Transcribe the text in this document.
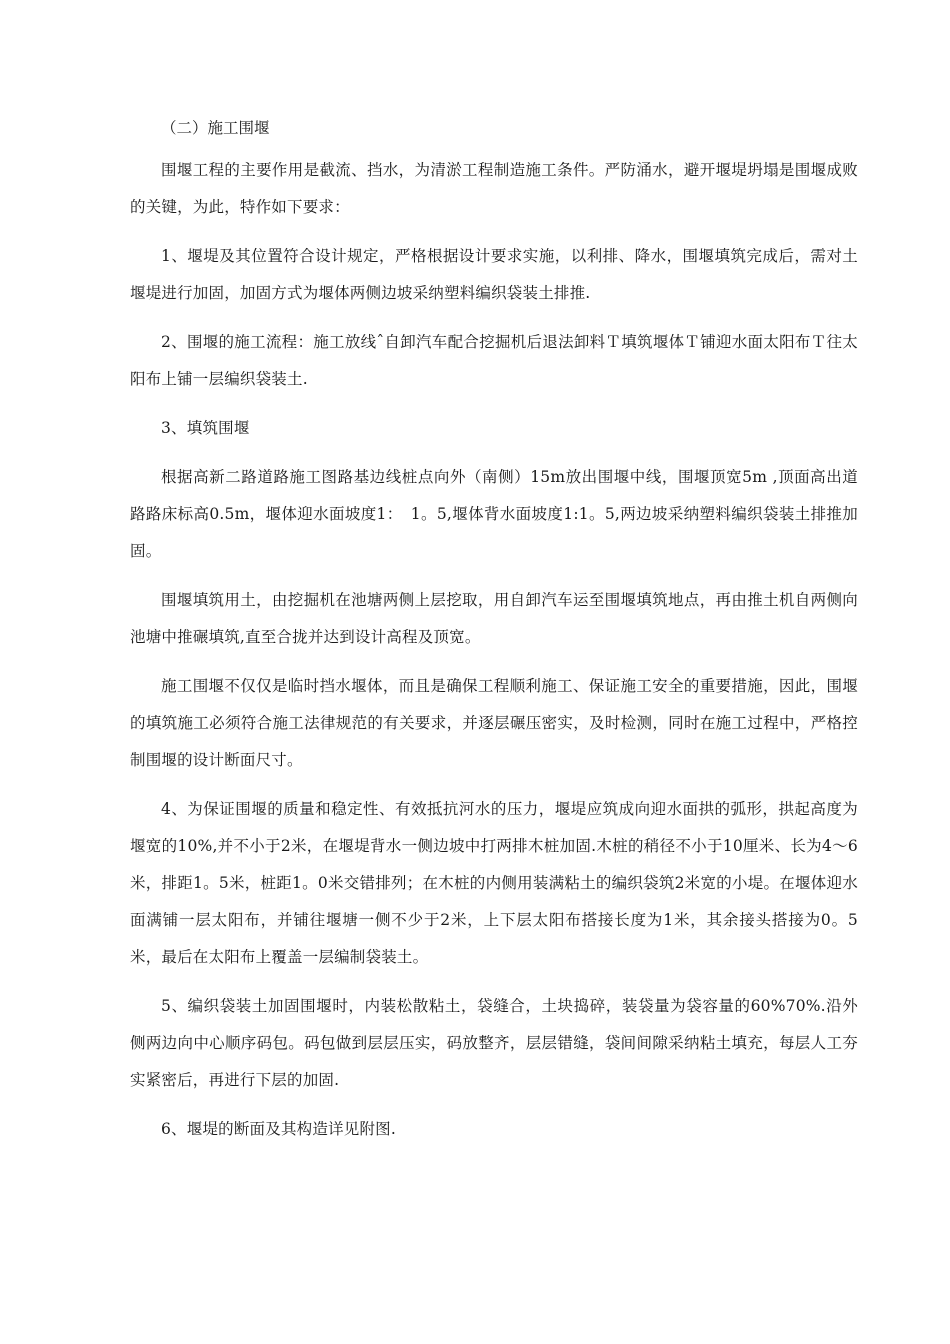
（二）施工围堰

围堰工程的主要作用是截流、挡水，为清淤工程制造施工条件。严防涌水，避开堰堤坍塌是围堰成败的关键，为此，特作如下要求：

1、堰堤及其位置符合设计规定，严格根据设计要求实施，以利排、降水，围堰填筑完成后，需对土堰堤进行加固，加固方式为堰体两侧边坡采纳塑料编织袋装土排推.

2、围堰的施工流程：施工放线ˆ自卸汽车配合挖掘机后退法卸料Ｔ填筑堰体Ｔ铺迎水面太阳布Ｔ往太阳布上铺一层编织袋装土.

3、填筑围堰

根据高新二路道路施工图路基边线桩点向外（南侧）15m放出围堰中线，围堰顶宽5m ,顶面高出道路路床标高0.5m，堰体迎水面坡度1：　1。5,堰体背水面坡度1:1。5,两边坡采纳塑料编织袋装土排推加固。

围堰填筑用土，由挖掘机在池塘两侧上层挖取，用自卸汽车运至围堰填筑地点，再由推土机自两侧向池塘中推碾填筑,直至合拢并达到设计高程及顶宽。

施工围堰不仅仅是临时挡水堰体，而且是确保工程顺利施工、保证施工安全的重要措施，因此，围堰的填筑施工必须符合施工法律规范的有关要求，并逐层碾压密实，及时检测，同时在施工过程中，严格控制围堰的设计断面尺寸。

4、为保证围堰的质量和稳定性、有效抵抗河水的压力，堰堤应筑成向迎水面拱的弧形，拱起高度为堰宽的10%,并不小于2米，在堰堤背水一侧边坡中打两排木桩加固.木桩的稍径不小于10厘米、长为4〜6米，排距1。5米，桩距1。0米交错排列；在木桩的内侧用装满粘土的编织袋筑2米宽的小堤。在堰体迎水面满铺一层太阳布，并铺往堰塘一侧不少于2米，上下层太阳布搭接长度为1米，其余接头搭接为0。5米，最后在太阳布上覆盖一层编制袋装土。

5、编织袋装土加固围堰时，内装松散粘土，袋缝合，土块捣碎，装袋量为袋容量的60%70%.沿外侧两边向中心顺序码包。码包做到层层压实，码放整齐，层层错缝，袋间间隙采纳粘土填充，每层人工夯实紧密后，再进行下层的加固.

6、堰堤的断面及其构造详见附图.
